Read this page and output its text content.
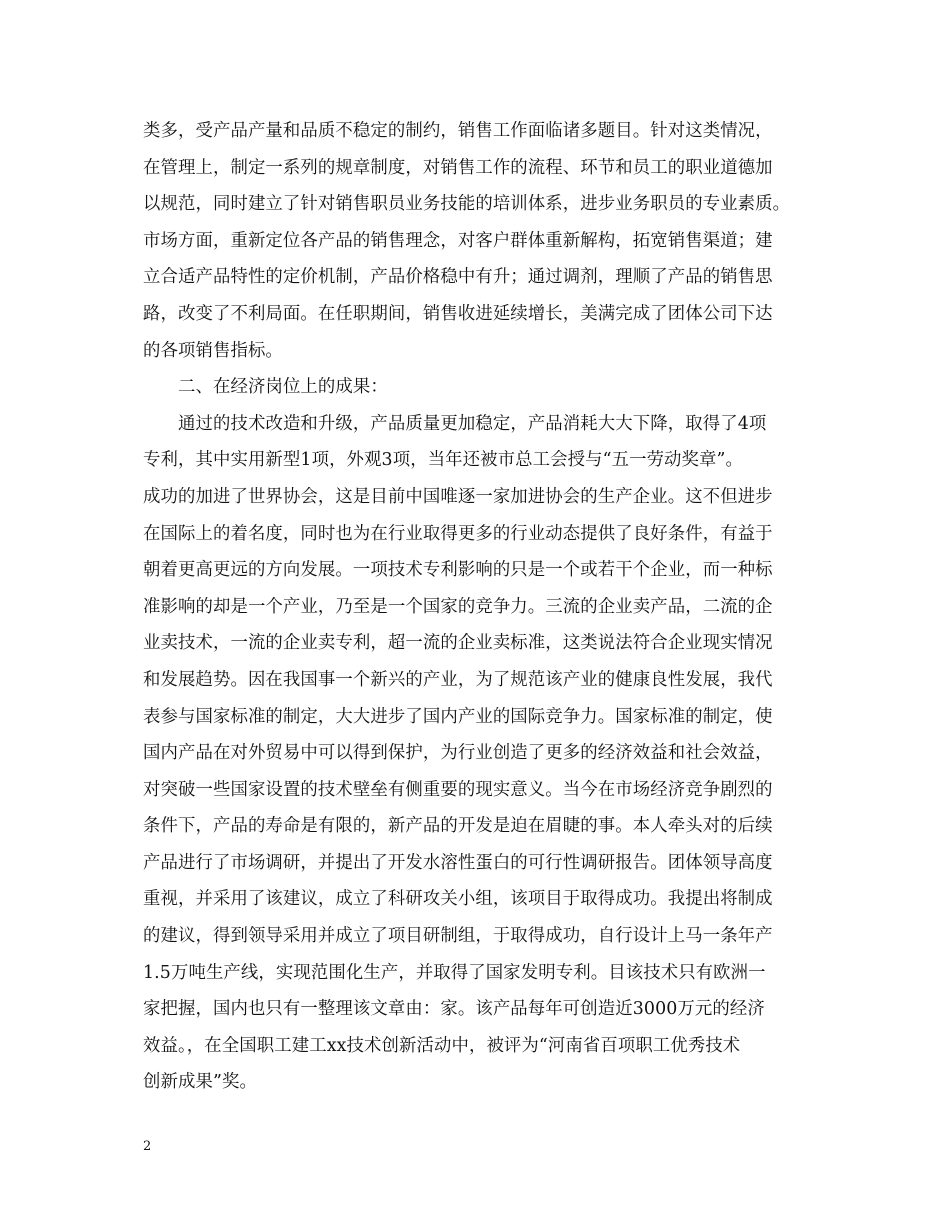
类多，受产品产量和品质不稳定的制约，销售工作面临诸多题目。针对这类情况，
在管理上，制定一系列的规章制度，对销售工作的流程、环节和员工的职业道德加
以规范，同时建立了针对销售职员业务技能的培训体系，进步业务职员的专业素质。
市场方面，重新定位各产品的销售理念，对客户群体重新解构，拓宽销售渠道；建
立合适产品特性的定价机制，产品价格稳中有升；通过调剂，理顺了产品的销售思
路，改变了不利局面。在任职期间，销售收进延续增长，美满完成了团体公司下达
的各项销售指标。
二、在经济岗位上的成果：
通过的技术改造和升级，产品质量更加稳定，产品消耗大大下降，取得了4项
专利，其中实用新型1项，外观3项，当年还被市总工会授与“五一劳动奖章”。
成功的加进了世界协会，这是目前中国唯逐一家加进协会的生产企业。这不但进步
在国际上的着名度，同时也为在行业取得更多的行业动态提供了良好条件，有益于
朝着更高更远的方向发展。一项技术专利影响的只是一个或若干个企业，而一种标
准影响的却是一个产业，乃至是一个国家的竞争力。三流的企业卖产品，二流的企
业卖技术，一流的企业卖专利，超一流的企业卖标准，这类说法符合企业现实情况
和发展趋势。因在我国事一个新兴的产业，为了规范该产业的健康良性发展，我代
表参与国家标准的制定，大大进步了国内产业的国际竞争力。国家标准的制定，使
国内产品在对外贸易中可以得到保护，为行业创造了更多的经济效益和社会效益，
对突破一些国家设置的技术壁垒有侧重要的现实意义。当今在市场经济竞争剧烈的
条件下，产品的寿命是有限的，新产品的开发是迫在眉睫的事。本人牵头对的后续
产品进行了市场调研，并提出了开发水溶性蛋白的可行性调研报告。团体领导高度
重视，并采用了该建议，成立了科研攻关小组，该项目于取得成功。我提出将制成
的建议，得到领导采用并成立了项目研制组，于取得成功，自行设计上马一条年产
1.5万吨生产线，实现范围化生产，并取得了国家发明专利。目该技术只有欧洲一
家把握，国内也只有一整理该文章由：家。该产品每年可创造近3000万元的经济
效益。，在全国职工建工xx技术创新活动中，被评为“河南省百项职工优秀技术
创新成果”奖。
2
